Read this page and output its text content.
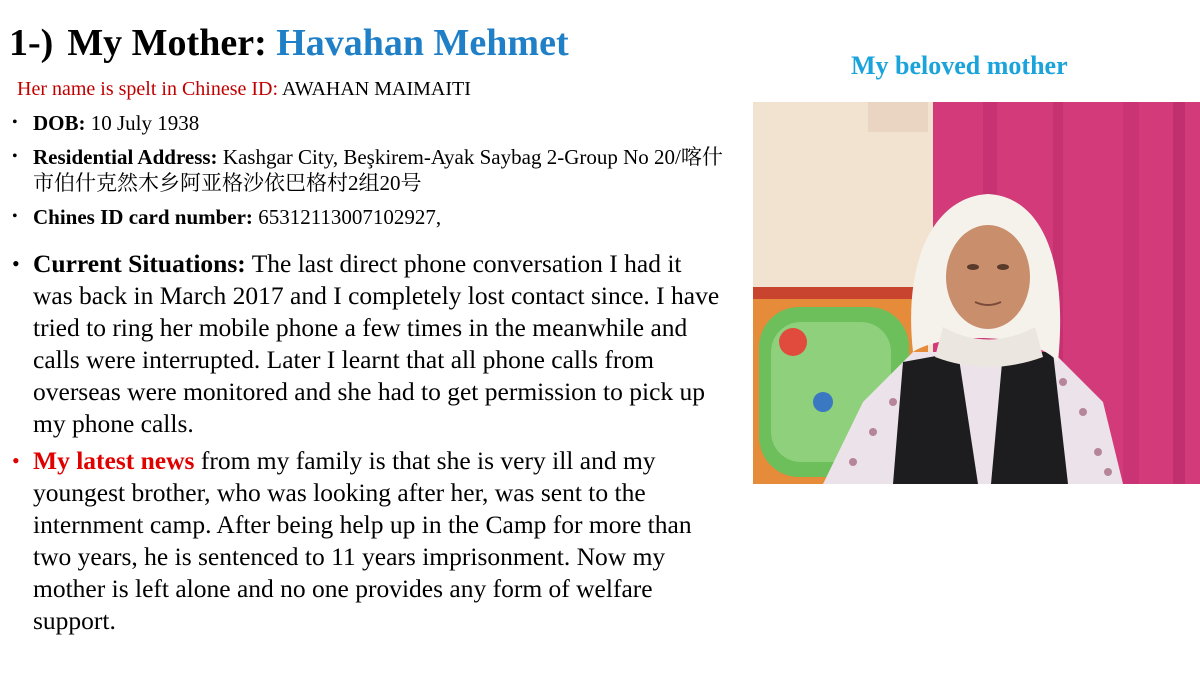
1-) My Mother: Havahan Mehmet
Her name is spelt in Chinese ID: AWAHAN MAIMAITI
• DOB: 10 July 1938
• Residential Address: Kashgar City, Beşkirem-Ayak Saybag 2-Group No 20/喀什市伯什克然木乡阿亚格沙依巴格村2组20号
• Chines ID card number: 65312113007102927,
• Current Situations: The last direct phone conversation I had it was back in March 2017 and I completely lost contact since. I have tried to ring her mobile phone a few times in the meanwhile and calls were interrupted. Later I learnt that all phone calls from overseas were monitored and she had to get permission to pick up my phone calls.
• My latest news from my family is that she is very ill and my youngest brother, who was looking after her, was sent to the internment camp. After being help up in the Camp for more than two years, he is sentenced to 11 years imprisonment. Now my mother is left alone and no one provides any form of welfare support.
My beloved mother
